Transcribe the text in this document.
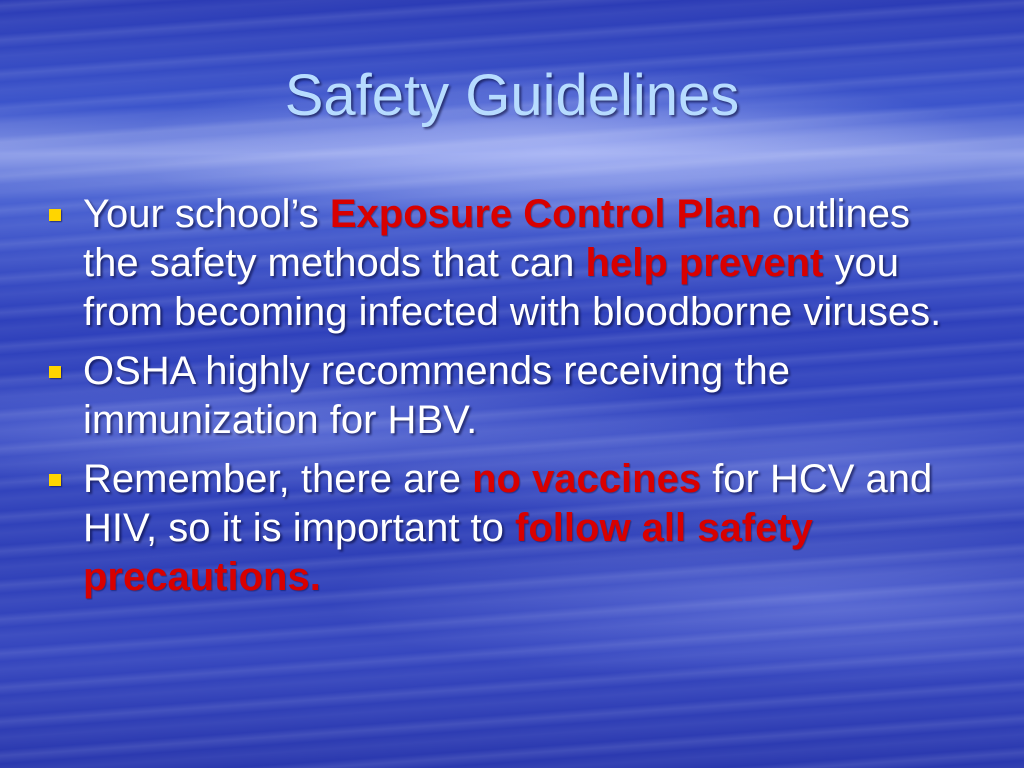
Safety Guidelines
Your school’s Exposure Control Plan outlines the safety methods that can help prevent you from becoming infected with bloodborne viruses.
OSHA highly recommends receiving the immunization for HBV.
Remember, there are no vaccines for HCV and HIV, so it is important to follow all safety precautions.
